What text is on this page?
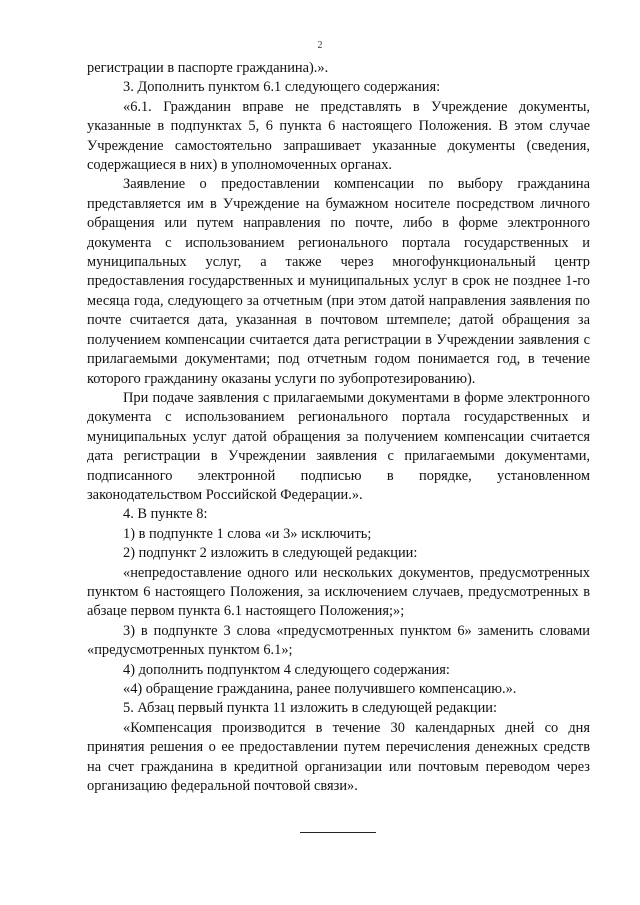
2

регистрации в паспорте гражданина).».

3. Дополнить пунктом 6.1 следующего содержания:

«6.1. Гражданин вправе не представлять в Учреждение документы, указанные в подпунктах 5, 6 пункта 6 настоящего Положения. В этом случае Учреждение самостоятельно запрашивает указанные документы (сведения, содержащиеся в них) в уполномоченных органах.

Заявление о предоставлении компенсации по выбору гражданина представляется им в Учреждение на бумажном носителе посредством личного обращения или путем направления по почте, либо в форме электронного документа с использованием регионального портала государственных и муниципальных услуг, а также через многофункциональный центр предоставления государственных и муниципальных услуг в срок не позднее 1-го месяца года, следующего за отчетным (при этом датой направления заявления по почте считается дата, указанная в почтовом штемпеле; датой обращения за получением компенсации считается дата регистрации в Учреждении заявления с прилагаемыми документами; под отчетным годом понимается год, в течение которого гражданину оказаны услуги по зубопротезированию).

При подаче заявления с прилагаемыми документами в форме электронного документа с использованием регионального портала государственных и муниципальных услуг датой обращения за получением компенсации считается дата регистрации в Учреждении заявления с прилагаемыми документами, подписанного электронной подписью в порядке, установленном законодательством Российской Федерации.».

4. В пункте 8:

1) в подпункте 1 слова «и 3» исключить;

2) подпункт 2 изложить в следующей редакции:

«непредоставление одного или нескольких документов, предусмотренных пунктом 6 настоящего Положения, за исключением случаев, предусмотренных в абзаце первом пункта 6.1 настоящего Положения;»;

3) в подпункте 3 слова «предусмотренных пунктом 6» заменить словами «предусмотренных пунктом 6.1»;

4) дополнить подпунктом 4 следующего содержания:

«4) обращение гражданина, ранее получившего компенсацию.».

5. Абзац первый пункта 11 изложить в следующей редакции:

«Компенсация производится в течение 30 календарных дней со дня принятия решения о ее предоставлении путем перечисления денежных средств на счет гражданина в кредитной организации или почтовым переводом через организацию федеральной почтовой связи».
